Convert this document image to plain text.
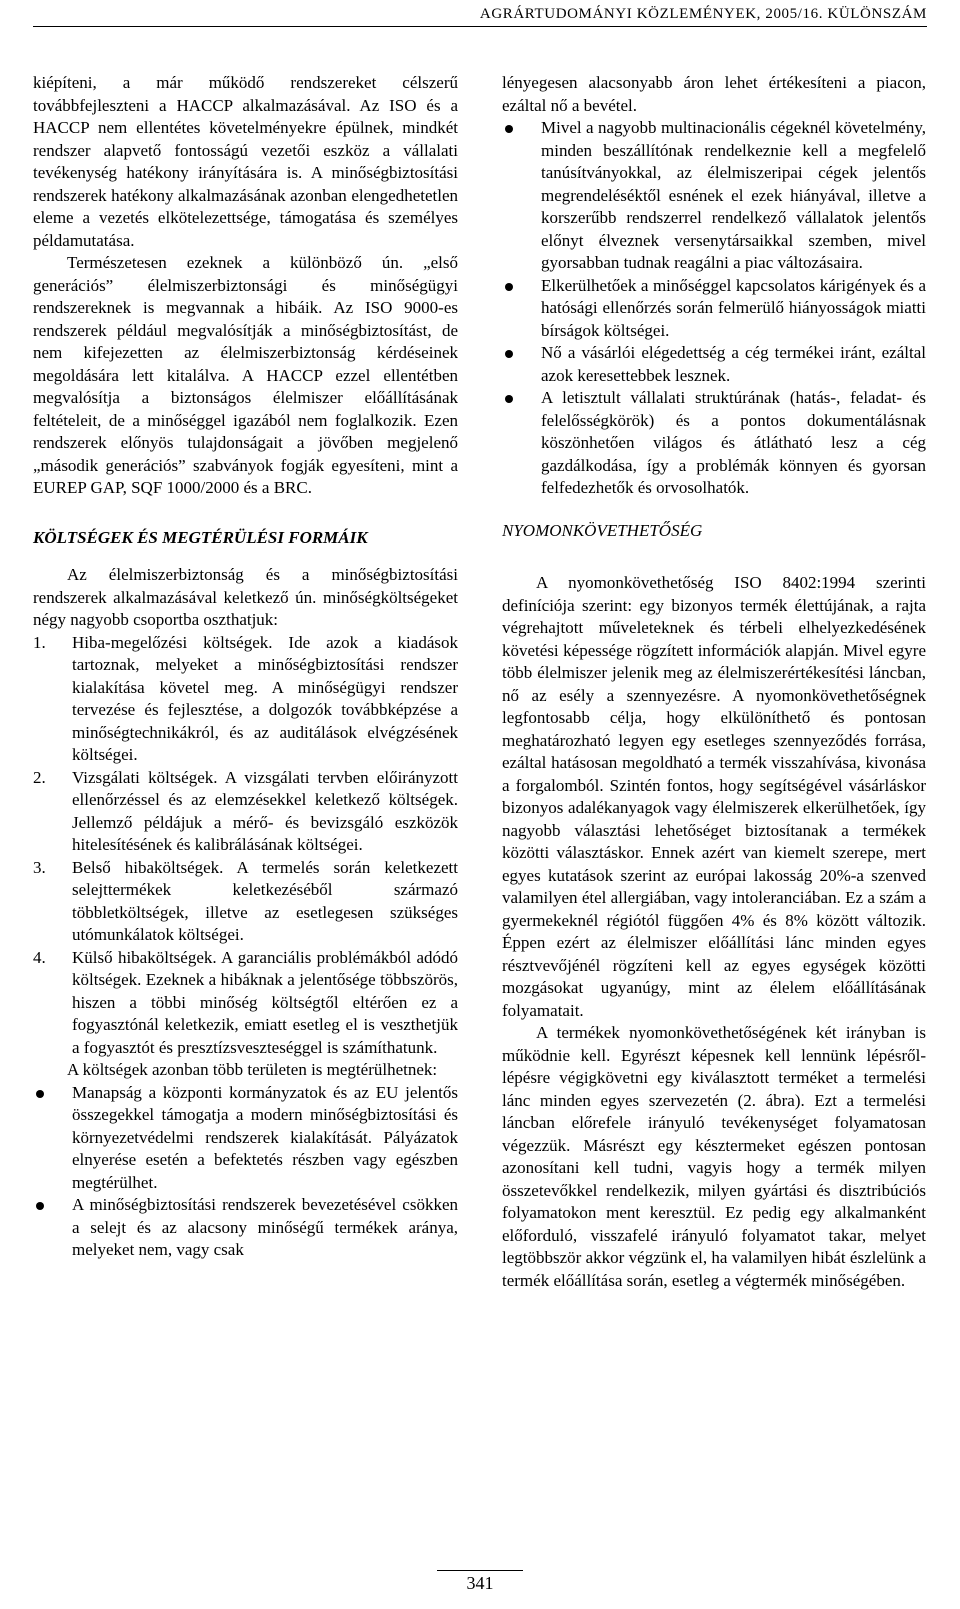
AGRÁRTUDOMÁNYI KÖZLEMÉNYEK, 2005/16. KÜLÖNSZÁM

kiépíteni, a már működő rendszereket célszerű továbbfejleszteni a HACCP alkalmazásával. Az ISO és a HACCP nem ellentétes követelményekre épülnek, mindkét rendszer alapvető fontosságú vezetői eszköz a vállalati tevékenység hatékony irányítására is. A minőségbiztosítási rendszerek hatékony alkalmazásának azonban elengedhetetlen eleme a vezetés elkötelezettsége, támogatása és személyes példamutatása.

Természetesen ezeknek a különböző ún. „első generációs” élelmiszerbiztonsági és minőségügyi rendszereknek is megvannak a hibáik. Az ISO 9000-es rendszerek például megvalósítják a minőségbiztosítást, de nem kifejezetten az élelmiszerbiztonság kérdéseinek megoldására lett kitalálva. A HACCP ezzel ellentétben megvalósítja a biztonságos élelmiszer előállításának feltételeit, de a minőséggel igazából nem foglalkozik. Ezen rendszerek előnyös tulajdonságait a jövőben megjelenő „második generációs” szabványok fogják egyesíteni, mint a EUREP GAP, SQF 1000/2000 és a BRC.

KÖLTSÉGEK ÉS MEGTÉRÜLÉSI FORMÁIK

Az élelmiszerbiztonság és a minőségbiztosítási rendszerek alkalmazásával keletkező ún. minőségköltségeket négy nagyobb csoportba oszthatjuk:

1. Hiba-megelőzési költségek. Ide azok a kiadások tartoznak, melyeket a minőségbiztosítási rendszer kialakítása követel meg. A minőségügyi rendszer tervezése és fejlesztése, a dolgozók továbbképzése a minőségtechnikákról, és az auditálások elvégzésének költségei.
2. Vizsgálati költségek. A vizsgálati tervben előirányzott ellenőrzéssel és az elemzésekkel keletkező költségek. Jellemző példájuk a mérő- és bevizsgáló eszközök hitelesítésének és kalibrálásának költségei.
3. Belső hibaköltségek. A termelés során keletkezett selejttermékek keletkezéséből származó többletköltségek, illetve az esetlegesen szükséges utómunkálatok költségei.
4. Külső hibaköltségek. A garanciális problémákból adódó költségek. Ezeknek a hibáknak a jelentősége többszörös, hiszen a többi minőség költségtől eltérően ez a fogyasztónál keletkezik, emiatt esetleg el is veszthetjük a fogyasztót és presztízsveszteséggel is számíthatunk.

A költségek azonban több területen is megtérülhetnek:

Manapság a központi kormányzatok és az EU jelentős összegekkel támogatja a modern minőségbiztosítási és környezetvédelmi rendszerek kialakítását. Pályázatok elnyerése esetén a befektetés részben vagy egészben megtérülhet.
A minőségbiztosítási rendszerek bevezetésével csökken a selejt és az alacsony minőségű termékek aránya, melyeket nem, vagy csak

lényegesen alacsonyabb áron lehet értékesíteni a piacon, ezáltal nő a bevétel.

Mivel a nagyobb multinacionális cégeknél követelmény, minden beszállítónak rendelkeznie kell a megfelelő tanúsítványokkal, az élelmiszeripai cégek jelentős megrendeléséktől esnének el ezek hiányával, illetve a korszerűbb rendszerrel rendelkező vállalatok jelentős előnyt élveznek versenytársaikkal szemben, mivel gyorsabban tudnak reagálni a piac változásaira.
Elkerülhetőek a minőséggel kapcsolatos kárigények és a hatósági ellenőrzés során felmerülő hiányosságok miatti bírságok költségei.
Nő a vásárlói elégedettség a cég termékei iránt, ezáltal azok keresettebbek lesznek.
A letisztult vállalati struktúrának (hatás-, feladat- és felelősségkörök) és a pontos dokumentálásnak köszönhetően világos és átlátható lesz a cég gazdálkodása, így a problémák könnyen és gyorsan felfedezhetők és orvosolhatók.

NYOMONKÖVETHETŐSÉG

A nyomonkövethetőség ISO 8402:1994 szerinti definíciója szerint: egy bizonyos termék élettújának, a rajta végrehajtott műveleteknek és térbeli elhelyezkedésének követési képessége rögzített információk alapján. Mivel egyre több élelmiszer jelenik meg az élelmiszerértékesítési láncban, nő az esély a szennyezésre. A nyomonkövethetőségnek legfontosabb célja, hogy elkülöníthető és pontosan meghatározható legyen egy esetleges szennyeződés forrása, ezáltal hatásosan megoldható a termék visszahívása, kivonása a forgalomból. Szintén fontos, hogy segítségével vásárláskor bizonyos adalékanyagok vagy élelmiszerek elkerülhetőek, így nagyobb választási lehetőséget biztosítanak a termékek közötti választáskor. Ennek azért van kiemelt szerepe, mert egyes kutatások szerint az európai lakosság 20%-a szenved valamilyen étel allergiában, vagy intoleranciában. Ez a szám a gyermekeknél régiótól függően 4% és 8% között változik. Éppen ezért az élelmiszer előállítási lánc minden egyes résztvevőjénél rögzíteni kell az egyes egységek közötti mozgásokat ugyanúgy, mint az élelem előállításának folyamatait.

A termékek nyomonkövethetőségének két irányban is működnie kell. Egyrészt képesnek kell lennünk lépésről-lépésre végigkövetni egy kiválasztott terméket a termelési lánc minden egyes szervezetén (2. ábra). Ezt a termelési láncban előrefele irányuló tevékenységet folyamatosan végezzük. Másrészt egy késztermeket egészen pontosan azonosítani kell tudni, vagyis hogy a termék milyen összetevőkkel rendelkezik, milyen gyártási és disztribúciós folyamatokon ment keresztül. Ez pedig egy alkalmanként előforduló, visszafelé irányuló folyamatot takar, melyet legtöbbször akkor végzünk el, ha valamilyen hibát észlelünk a termék előállítása során, esetleg a végtermék minőségében.

341
